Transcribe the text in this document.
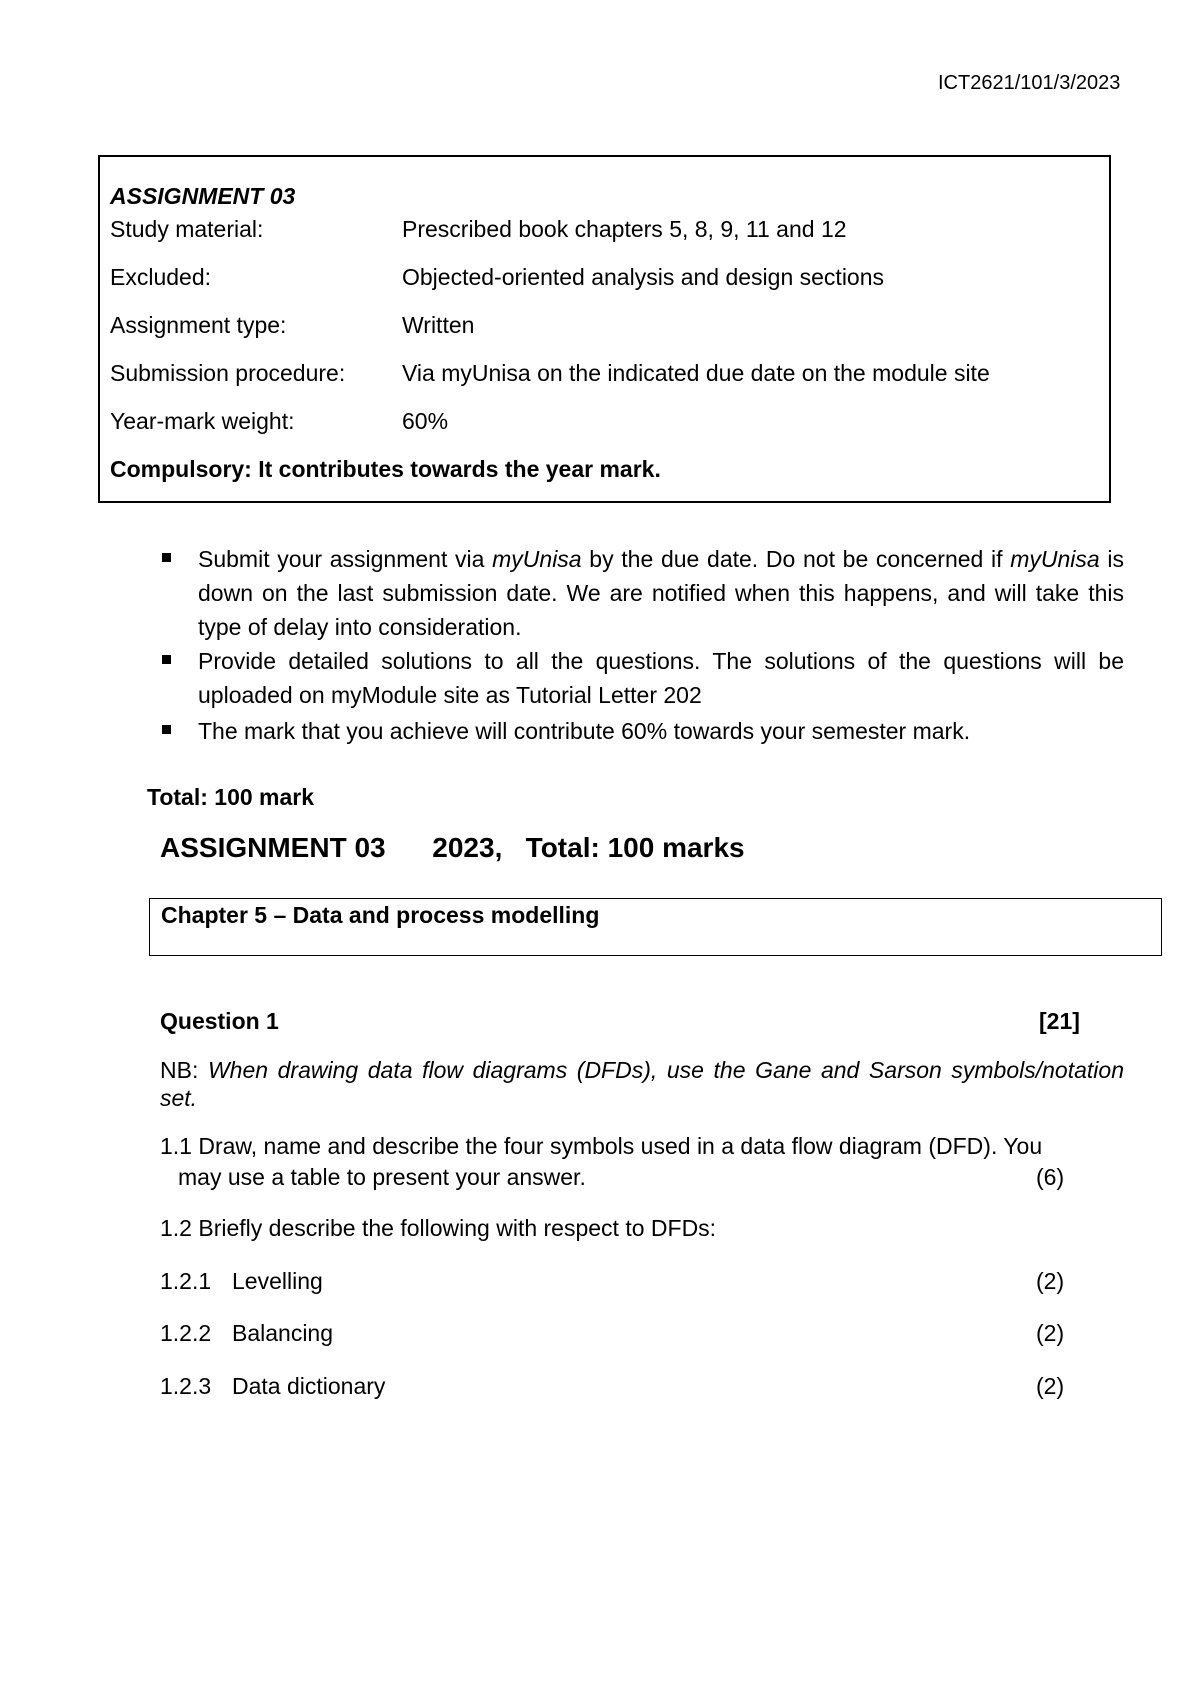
ICT2621/101/3/2023
ASSIGNMENT 03
Study material:	Prescribed book chapters 5, 8, 9, 11 and 12
Excluded:	Objected-oriented analysis and design sections
Assignment type:	Written
Submission procedure: Via myUnisa on the indicated due date on the module site
Year-mark weight:	60%
Compulsory: It contributes towards the year mark.
Submit your assignment via myUnisa by the due date. Do not be concerned if myUnisa is down on the last submission date. We are notified when this happens, and will take this type of delay into consideration.
Provide detailed solutions to all the questions. The solutions of the questions will be uploaded on myModule site as Tutorial Letter 202
The mark that you achieve will contribute 60% towards your semester mark.
Total: 100 mark
ASSIGNMENT 03      2023,   Total: 100 marks
Chapter 5 – Data and process modelling
Question 1	[21]
NB: When drawing data flow diagrams (DFDs), use the Gane and Sarson symbols/notation set.
1.1 Draw, name and describe the four symbols used in a data flow diagram (DFD). You
may use a table to present your answer.	(6)
1.2 Briefly describe the following with respect to DFDs:
1.2.1 Levelling	(2)
1.2.2 Balancing	(2)
1.2.3 Data dictionary	(2)
